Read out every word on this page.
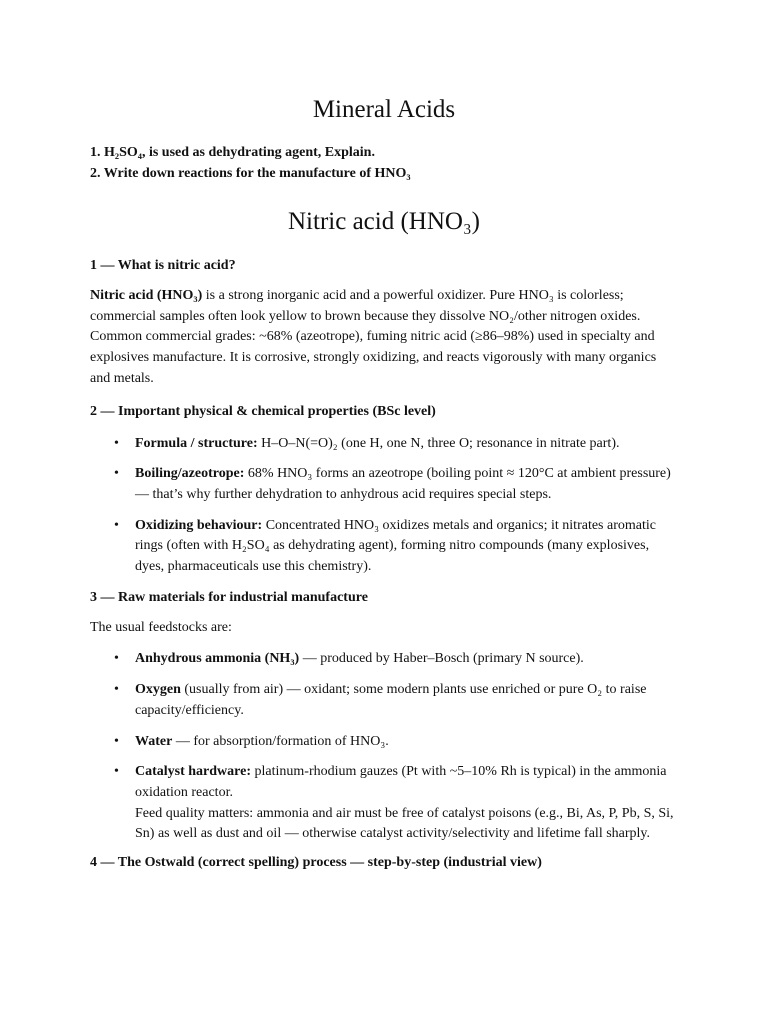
Mineral Acids
1. H₂SO₄, is used as dehydrating agent, Explain.
2. Write down reactions for the manufacture of HNO₃
Nitric acid (HNO₃)
1 — What is nitric acid?

Nitric acid (HNO₃) is a strong inorganic acid and a powerful oxidizer. Pure HNO₃ is colorless; commercial samples often look yellow to brown because they dissolve NO₂/other nitrogen oxides. Common commercial grades: ~68% (azeotrope), fuming nitric acid (≥86–98%) used in specialty and explosives manufacture. It is corrosive, strongly oxidizing, and reacts vigorously with many organics and metals.

2 — Important physical & chemical properties (BSc level)
• Formula / structure: H–O–N(=O)₂ (one H, one N, three O; resonance in nitrate part).
• Boiling/azeotrope: 68% HNO₃ forms an azeotrope (boiling point ≈ 120°C at ambient pressure) — that’s why further dehydration to anhydrous acid requires special steps.
• Oxidizing behaviour: Concentrated HNO₃ oxidizes metals and organics; it nitrates aromatic rings (often with H₂SO₄ as dehydrating agent), forming nitro compounds (many explosives, dyes, pharmaceuticals use this chemistry).
3 — Raw materials for industrial manufacture

The usual feedstocks are:

• Anhydrous ammonia (NH₃) — produced by Haber–Bosch (primary N source).
• Oxygen (usually from air) — oxidant; some modern plants use enriched or pure O₂ to raise capacity/efficiency.
• Water — for absorption/formation of HNO₃.
• Catalyst hardware: platinum-rhodium gauzes (Pt with ~5–10% Rh is typical) in the ammonia oxidation reactor.
Feed quality matters: ammonia and air must be free of catalyst poisons (e.g., Bi, As, P, Pb, S, Si, Sn) as well as dust and oil — otherwise catalyst activity/selectivity and lifetime fall sharply.
4 — The Ostwald (correct spelling) process — step-by-step (industrial view)
